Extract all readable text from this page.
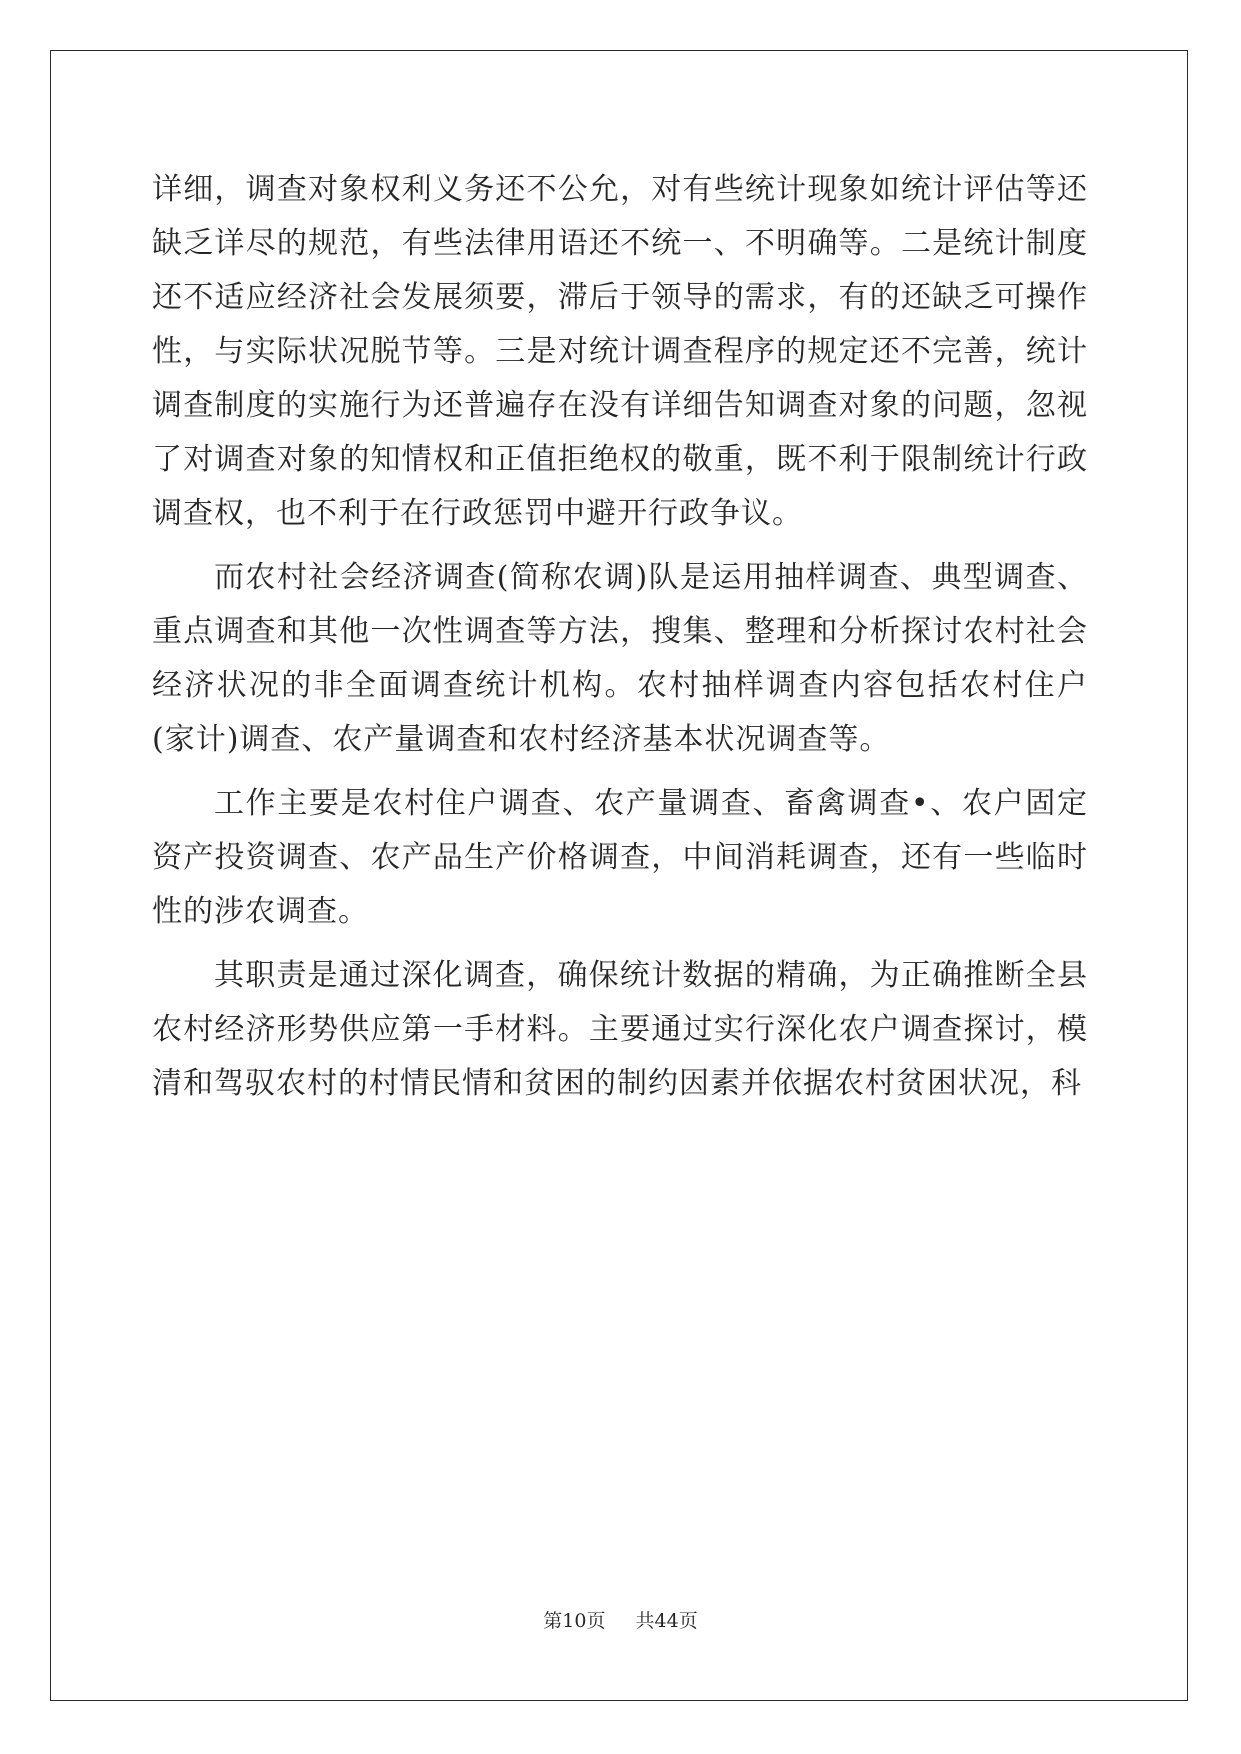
详细，调查对象权利义务还不公允，对有些统计现象如统计评估等还缺乏详尽的规范，有些法律用语还不统一、不明确等。二是统计制度还不适应经济社会发展须要，滞后于领导的需求，有的还缺乏可操作性，与实际状况脱节等。三是对统计调查程序的规定还不完善，统计调查制度的实施行为还普遍存在没有详细告知调查对象的问题，忽视了对调查对象的知情权和正值拒绝权的敬重，既不利于限制统计行政调查权，也不利于在行政惩罚中避开行政争议。

而农村社会经济调查(简称农调)队是运用抽样调查、典型调查、重点调查和其他一次性调查等方法，搜集、整理和分析探讨农村社会经济状况的非全面调查统计机构。农村抽样调查内容包括农村住户(家计)调查、农产量调查和农村经济基本状况调查等。

工作主要是农村住户调查、农产量调查、畜禽调查•、农户固定资产投资调查、农产品生产价格调查，中间消耗调查，还有一些临时性的涉农调查。

其职责是通过深化调查，确保统计数据的精确，为正确推断全县农村经济形势供应第一手材料。主要通过实行深化农户调查探讨，模清和驾驭农村的村情民情和贫困的制约因素并依据农村贫困状况，科

第10页 共44页
